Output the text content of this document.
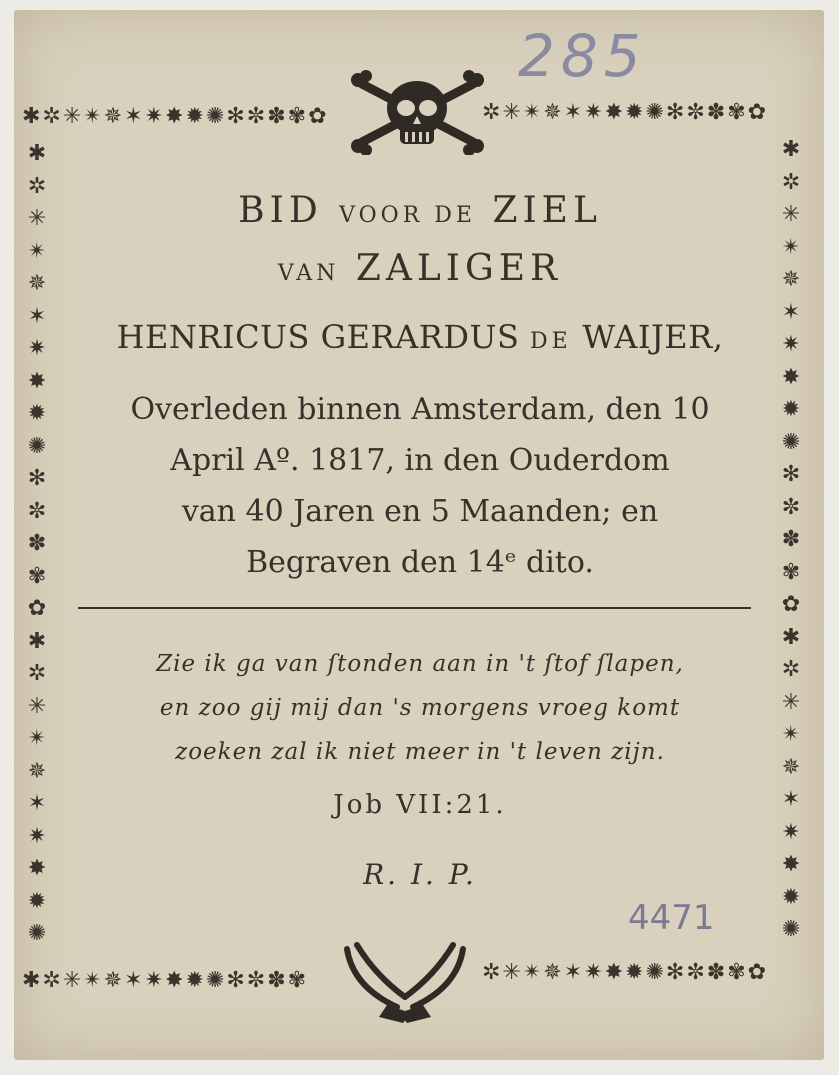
285
4471
✱✲✳✴✵✶✷✸✹✺✻✼✽✾✿	✲✳✴✵✶✷✸✹✺✻✼✽✾✿
✱✲✳✴✵✶✷✸✹✺✻✼✽✾	✲✳✴✵✶✷✸✹✺✻✼✽✾✿
✱
✲
✳
✴
✵
✶
✷
✸
✹
✺
✻
✼
✽
✾
✿
✱
✲
✳
✴
✵
✶
✷
✸
✹
✺
✱
✲
✳
✴
✵
✶
✷
✸
✹
✺
✻
✼
✽
✾
✿
✱
✲
✳
✴
✵
✶
✷
✸
✹
✺
BID VOOR DE ZIEL
VAN ZALIGER
HENRICUS GERARDUS DE WAIJER,
Overleden binnen Amsterdam, den 10
April Aº. 1817, in den Ouderdom
van 40 Jaren en 5 Maanden; en
Begraven den 14ᵉ dito.
Zie ik ga van ſtonden aan in 't ſtof ſlapen,
en zoo gij mij dan 's morgens vroeg komt
zoeken zal ik niet meer in 't leven zijn.
Job VII:21.
R. I. P.
